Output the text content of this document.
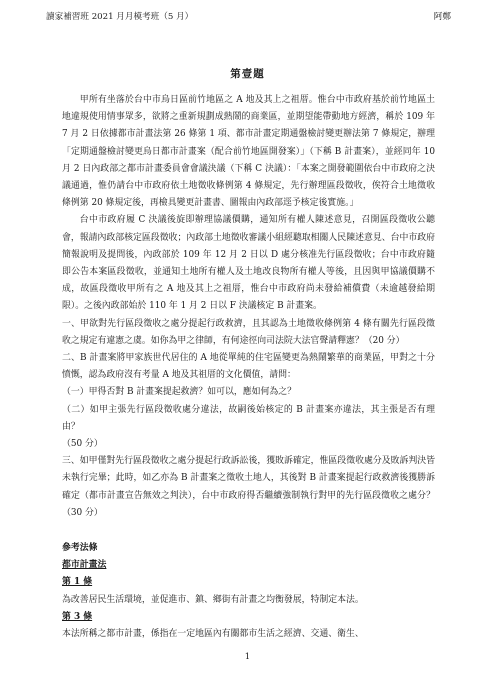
讀家補習班 2021 月月模考班（5 月）	阿鄭
第壹題

甲所有坐落於台中市烏日區前竹地區之 A 地及其上之祖厝。惟台中市政府基於前竹地區土地違規使用情事眾多，欲將之重新規劃成熱鬧的商業區，並期望能帶動地方經濟，稱於 109 年 7 月 2 日依據都市計畫法第 26 條第 1 項、都市計畫定期通盤檢討變更辦法第 7 條規定，辦理「定期通盤檢討變更烏日都市計畫案（配合前竹地區開發案）」（下稱 B 計畫案），並經同年 10 月 2 日內政部之都市計畫委員會會議決議（下稱 C 決議）：「本案之開發範圍依台中市政府之決議通過，惟仍請台中市政府依土地徵收條例第 4 條規定，先行辦理區段徵收，俟符合土地徵收條例第 20 條規定後，再檢具變更計畫書、圖報由內政部逕予核定後實施。」

台中市政府履 C 決議後旋即辦理協議價購，通知所有權人陳述意見，召開區段徵收公聽會，報請內政部核定區段徵收；內政部土地徵收審議小組經聽取相關人民陳述意見、台中市政府簡報說明及提問後，內政部於 109 年 12 月 2 日以 D 處分核准先行區段徵收；台中市政府隨即公告本案區段徵收，並通知土地所有權人及土地改良物所有權人等後，且因與甲協議價購不成，故區段徵收甲所有之 A 地及其上之祖厝，惟台中市政府尚未發給補償費（未逾越發給期限）。之後內政部始於 110 年 1 月 2 日以 F 決議核定 B 計畫案。

一、甲欲對先行區段徵收之處分提起行政救濟，且其認為土地徵收條例第 4 條有關先行區段徵收之規定有違憲之虞。如你為甲之律師，有何途徑向司法院大法官聲請釋憲？（20 分）

二、B 計畫案將甲家族世代居住的 A 地從單純的住宅區變更為熱鬧繁華的商業區，甲對之十分憤慨，認為政府沒有考量 A 地及其祖厝的文化價值，請問：

（一）甲得否對 B 計畫案提起救濟？如可以，應如何為之？

（二）如甲主張先行區段徵收處分違法，故嗣後始核定的 B 計畫案亦違法，其主張是否有理由？

（50 分）

三、如甲僅對先行區段徵收之處分提起行政訴訟後，獲敗訴確定，惟區段徵收處分及敗訴判決皆未執行完畢；此時，如乙亦為 B 計畫案之徵收土地人，其後對 B 計畫案提起行政救濟後獲勝訴確定（都市計畫宣告無效之判決），台中市政府得否繼續強制執行對甲的先行區段徵收之處分？（30 分）

參考法條

都市計畫法

第 1 條

為改善居民生活環境，並促進市、鎮、鄉街有計畫之均衡發展，特制定本法。

第 3 條

本法所稱之都市計畫，係指在一定地區內有關都市生活之經濟、交通、衛生、

1
